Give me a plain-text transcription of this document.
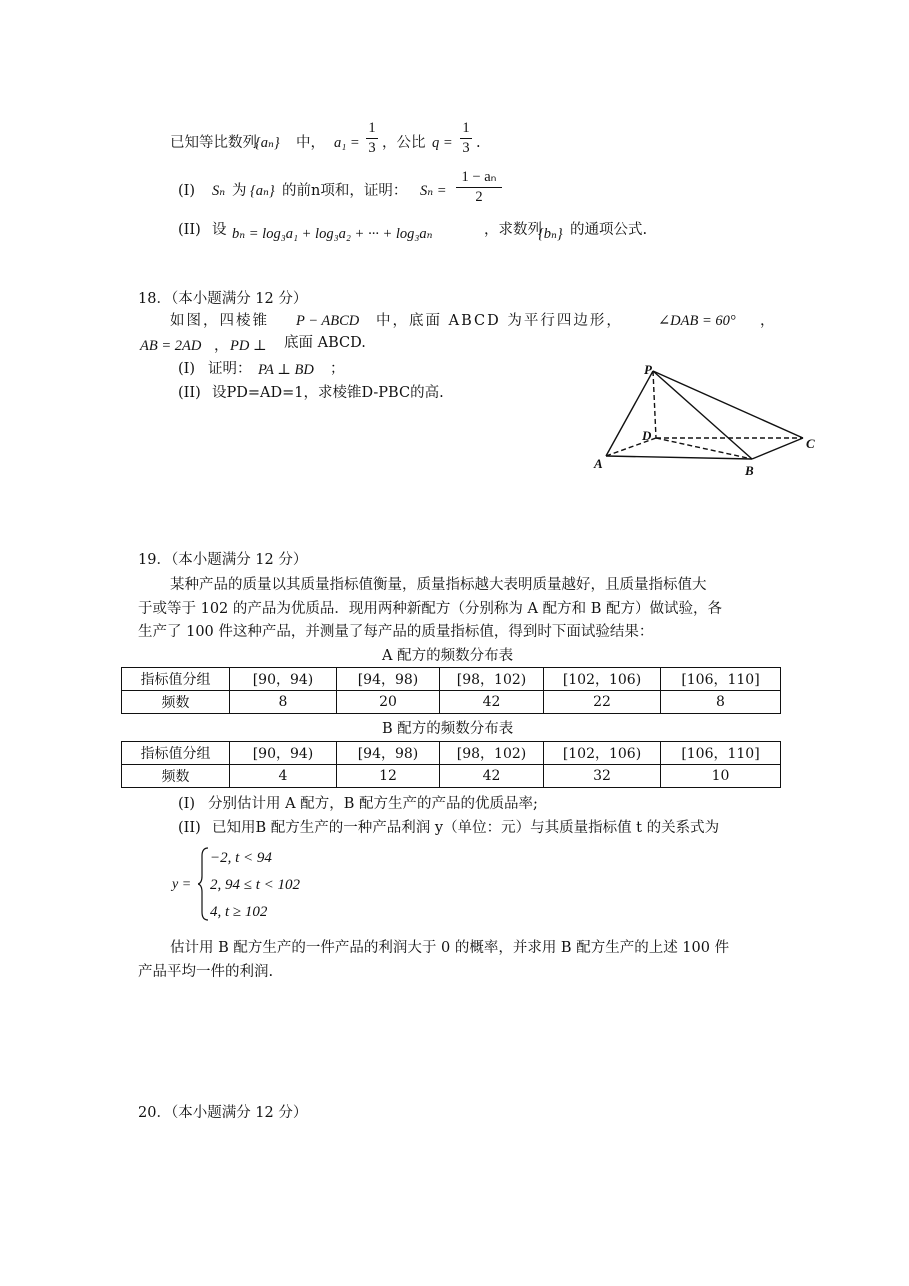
已知等比数列
{aₙ} 中， a₁ =
1
3 ，公比 q =
1
3 .
(I) Sₙ 为 {aₙ} 的前n项和，证明： Sₙ =
1 − aₙ
2
(II) 设 bₙ = log₃a₁ + log₃a₂ + ··· + log₃aₙ	，求数列
{bₙ} 的通项公式.
18．（本小题满分 12 分）
如图，四棱锥 P − ABCD 中，底面 ABCD 为平行四边形， ∠DAB = 60° ，
AB = 2AD ， PD ⊥ 底面 ABCD.
(I) 证明： PA ⊥ BD ；
(II) 设PD=AD=1，求棱锥D-PBC的高.
P
D
A	B
C
19．（本小题满分 12 分）
某种产品的质量以其质量指标值衡量，质量指标越大表明质量越好，且质量指标值大
于或等于 102 的产品为优质品．现用两种新配方（分别称为 A 配方和 B 配方）做试验，各
生产了 100 件这种产品，并测量了每产品的质量指标值，得到时下面试验结果：
A 配方的频数分布表
指标值分组	[90，94)	[94，98)	[98，102)	[102，106)	[106，110]
频数	8	20	42	22	8
B 配方的频数分布表
指标值分组	[90，94)	[94，98)	[98，102)	[102，106)	[106，110]
频数	4	12	42	32	10
(I) 分别估计用 A 配方，B 配方生产的产品的优质品率;
(II) 已知用B 配方生产的一种产品利润 y（单位：元）与其质量指标值 t 的关系式为
y =
−2, t < 94
2, 94 ≤ t < 102
4, t ≥ 102
估计用 B 配方生产的一件产品的利润大于 0 的概率，并求用 B 配方生产的上述 100 件
产品平均一件的利润.
20．（本小题满分 12 分）
